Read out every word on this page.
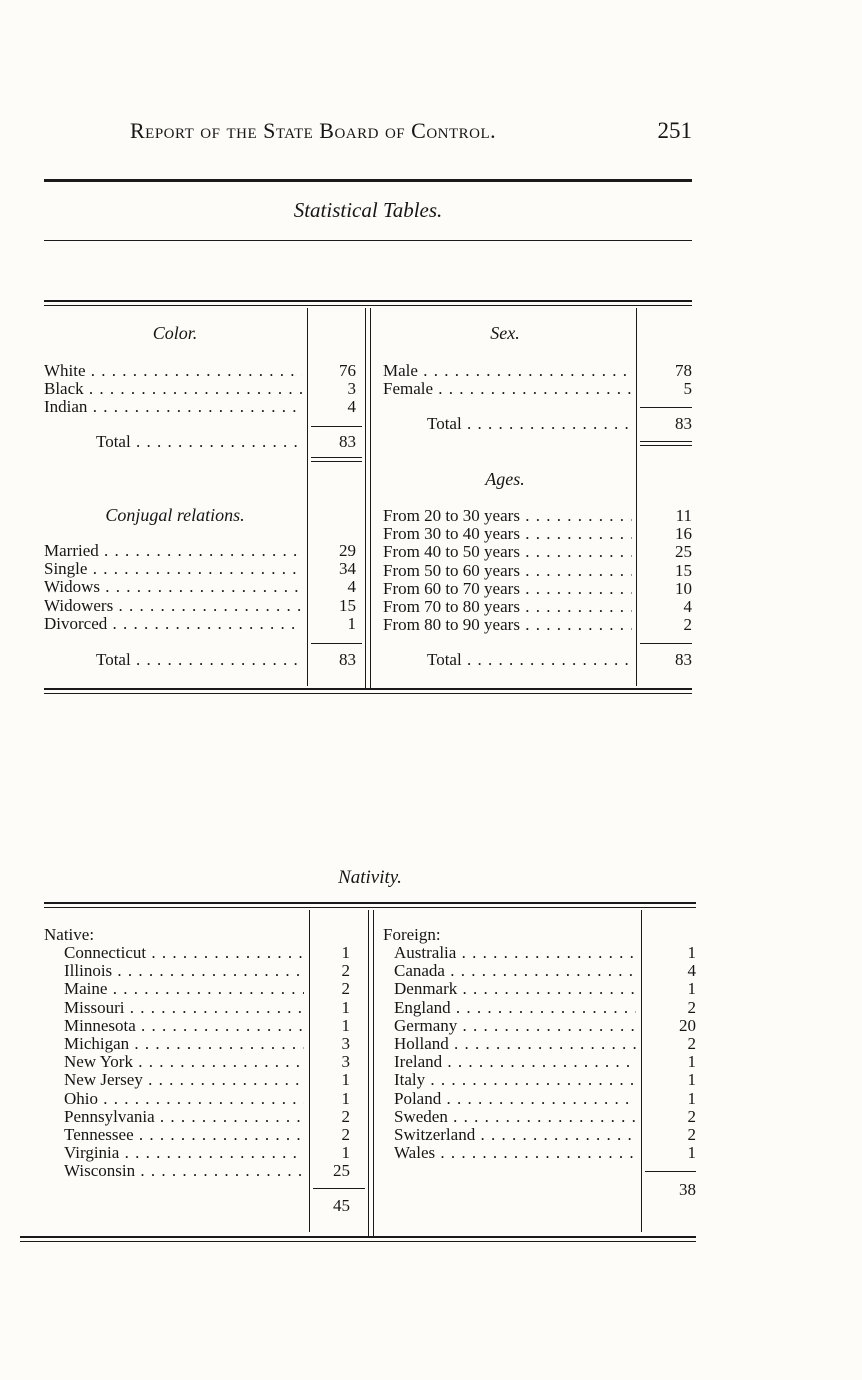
Report of the State Board of Control.	251
Statistical Tables.
Color.
White . . .	76
Black . . .	3
Indian . . .	4
Total . . .	83
Sex.
Male . . .	78
Female . . .	5
Total . . .	83
Conjugal relations.
Married . . .	29
Single . . .	34
Widows . . .	4
Widowers . . .	15
Divorced . . .	1
Total . . .	83
Ages.
From 20 to 30 years . . .	11
From 30 to 40 years . . .	16
From 40 to 50 years . . .	25
From 50 to 60 years . . .	15
From 60 to 70 years . . .	10
From 70 to 80 years . . .	4
From 80 to 90 years . . .	2
Total . . .	83
Nativity.
Native:
Connecticut . . .	1
Illinois . . .	2
Maine . . .	2
Missouri . . .	1
Minnesota . . .	1
Michigan . . .	3
New York . . .	3
New Jersey . . .	1
Ohio . . .	1
Pennsylvania . . .	2
Tennessee . . .	2
Virginia . . .	1
Wisconsin . . .	25
45
Foreign:
Australia . . .	1
Canada . . .	4
Denmark . . .	1
England . . .	2
Germany . . .	20
Holland . . .	2
Ireland . . .	1
Italy . . .	1
Poland . . .	1
Sweden . . .	2
Switzerland . . .	2
Wales . . .	1
38
